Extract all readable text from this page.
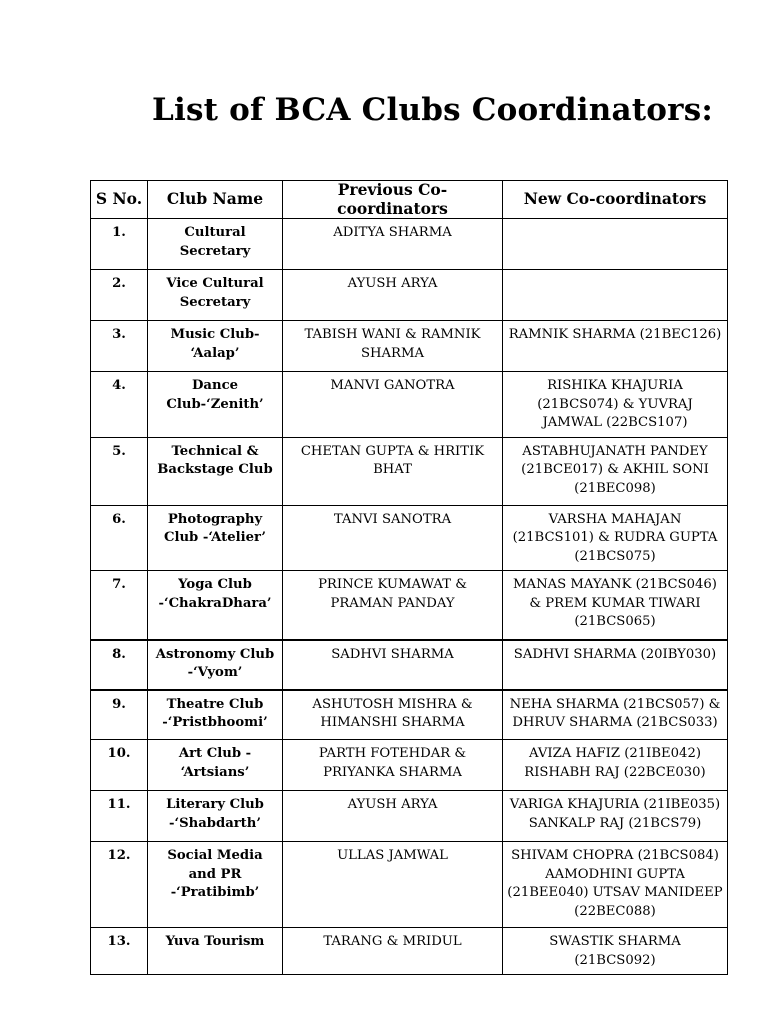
List of BCA Clubs Coordinators:
S No.	Club Name	Previous Co-coordinators	New Co-coordinators
1.	Cultural Secretary	ADITYA SHARMA	
2.	Vice Cultural Secretary	AYUSH ARYA	
3.	Music Club- ‘Aalap’	TABISH WANI & RAMNIK SHARMA	RAMNIK SHARMA (21BEC126)
4.	Dance Club-‘Zenith’	MANVI GANOTRA	RISHIKA KHAJURIA (21BCS074) & YUVRAJ JAMWAL (22BCS107)
5.	Technical & Backstage Club	CHETAN GUPTA & HRITIK BHAT	ASTABHUJANATH PANDEY (21BCE017) & AKHIL SONI (21BEC098)
6.	Photography Club -‘Atelier’	TANVI SANOTRA	VARSHA MAHAJAN (21BCS101) & RUDRA GUPTA (21BCS075)
7.	Yoga Club -‘ChakraDhara’	PRINCE KUMAWAT & PRAMAN PANDAY	MANAS MAYANK (21BCS046) & PREM KUMAR TIWARI (21BCS065)
8.	Astronomy Club -‘Vyom’	SADHVI SHARMA	SADHVI SHARMA (20IBY030)
9.	Theatre Club -‘Pristbhoomi’	ASHUTOSH MISHRA & HIMANSHI SHARMA	NEHA SHARMA (21BCS057) & DHRUV SHARMA (21BCS033)
10.	Art Club - ‘Artsians’	PARTH FOTEHDAR & PRIYANKA SHARMA	AVIZA HAFIZ (21IBE042) RISHABH RAJ (22BCE030)
11.	Literary Club -‘Shabdarth’	AYUSH ARYA	VARIGA KHAJURIA (21IBE035) SANKALP RAJ (21BCS79)
12.	Social Media and PR -‘Pratibimb’	ULLAS JAMWAL	SHIVAM CHOPRA (21BCS084) AAMODHINI GUPTA (21BEE040) UTSAV MANIDEEP (22BEC088)
13.	Yuva Tourism	TARANG & MRIDUL	SWASTIK SHARMA (21BCS092)
